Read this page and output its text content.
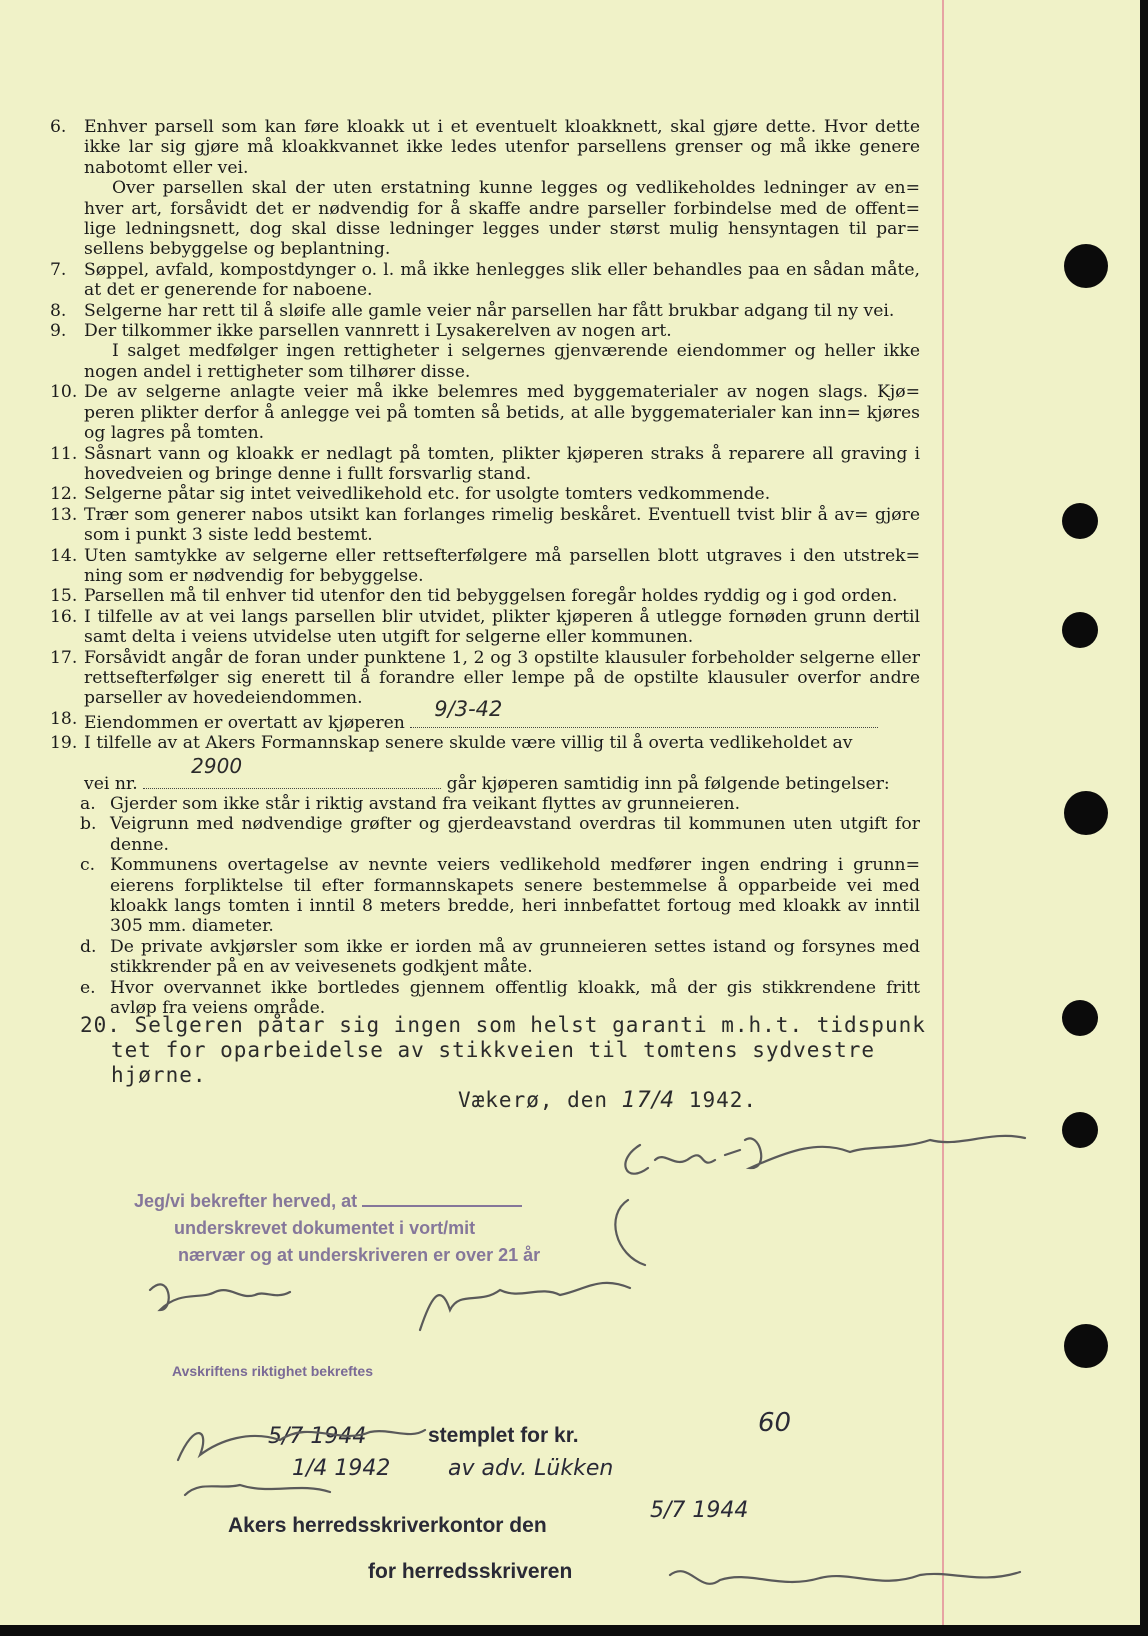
6. Enhver parsell som kan føre kloakk ut i et eventuelt kloakknett, skal gjøre dette. Hvor dette ikke lar sig gjøre må kloakkvannet ikke ledes utenfor parsellens grenser og må ikke genere nabotomt eller vei.
Over parsellen skal der uten erstatning kunne legges og vedlikeholdes ledninger av en= hver art, forsåvidt det er nødvendig for å skaffe andre parseller forbindelse med de offent= lige ledningsnett, dog skal disse ledninger legges under størst mulig hensyntagen til par= sellens bebyggelse og beplantning.
7. Søppel, avfald, kompostdynger o. l. må ikke henlegges slik eller behandles paa en sådan måte, at det er generende for naboene.
8. Selgerne har rett til å sløife alle gamle veier når parsellen har fått brukbar adgang til ny vei.
9. Der tilkommer ikke parsellen vannrett i Lysakerelven av nogen art.
I salget medfølger ingen rettigheter i selgernes gjenværende eiendommer og heller ikke nogen andel i rettigheter som tilhører disse.
10. De av selgerne anlagte veier må ikke belemres med byggematerialer av nogen slags. Kjø= peren plikter derfor å anlegge vei på tomten så betids, at alle byggematerialer kan inn= kjøres og lagres på tomten.
11. Såsnart vann og kloakk er nedlagt på tomten, plikter kjøperen straks å reparere all graving i hovedveien og bringe denne i fullt forsvarlig stand.
12. Selgerne påtar sig intet veivedlikehold etc. for usolgte tomters vedkommende.
13. Trær som generer nabos utsikt kan forlanges rimelig beskåret. Eventuell tvist blir å av= gjøre som i punkt 3 siste ledd bestemt.
14. Uten samtykke av selgerne eller rettsefterfølgere må parsellen blott utgraves i den utstrek= ning som er nødvendig for bebyggelse.
15. Parsellen må til enhver tid utenfor den tid bebyggelsen foregår holdes ryddig og i god orden.
16. I tilfelle av at vei langs parsellen blir utvidet, plikter kjøperen å utlegge fornøden grunn dertil samt delta i veiens utvidelse uten utgift for selgerne eller kommunen.
17. Forsåvidt angår de foran under punktene 1, 2 og 3 opstilte klausuler forbeholder selgerne eller rettsefterfølger sig enerett til å forandre eller lempe på de opstilte klausuler overfor andre parseller av hovedeiendommen.
18. Eiendommen er overtatt av kjøperen
9/3-42
19. I tilfelle av at Akers Formannskap senere skulde være villig til å overta vedlikeholdet av
vei nr.
2900
går kjøperen samtidig inn på følgende betingelser:
a. Gjerder som ikke står i riktig avstand fra veikant flyttes av grunneieren.
b. Veigrunn med nødvendige grøfter og gjerdeavstand overdras til kommunen uten utgift for denne.
c. Kommunens overtagelse av nevnte veiers vedlikehold medfører ingen endring i grunn= eierens forpliktelse til efter formannskapets senere bestemmelse å opparbeide vei med kloakk langs tomten i inntil 8 meters bredde, heri innbefattet fortoug med kloakk av inntil 305 mm. diameter.
d. De private avkjørsler som ikke er iorden må av grunneieren settes istand og forsynes med stikkrender på en av veivesenets godkjent måte.
e. Hvor overvannet ikke bortledes gjennem offentlig kloakk, må der gis stikkrendene fritt avløp fra veiens område.
20. Selgeren påtar sig ingen som helst garanti m.h.t. tidspunk
tet for oparbeidelse av stikkveien til tomtens sydvestre
hjørne.
Vækerø, den 17/4 1942.
Jeg/vi bekrefter herved, at
underskrevet dokumentet i vort/mit
nærvær og at underskriveren er over 21 år
Avskriftens riktighet bekreftes
stemplet for kr.	60
5/7 1944
1/4 1942	av adv. Lükken
Akers herredsskriverkontor den
5/7 1944
for herredsskriveren
